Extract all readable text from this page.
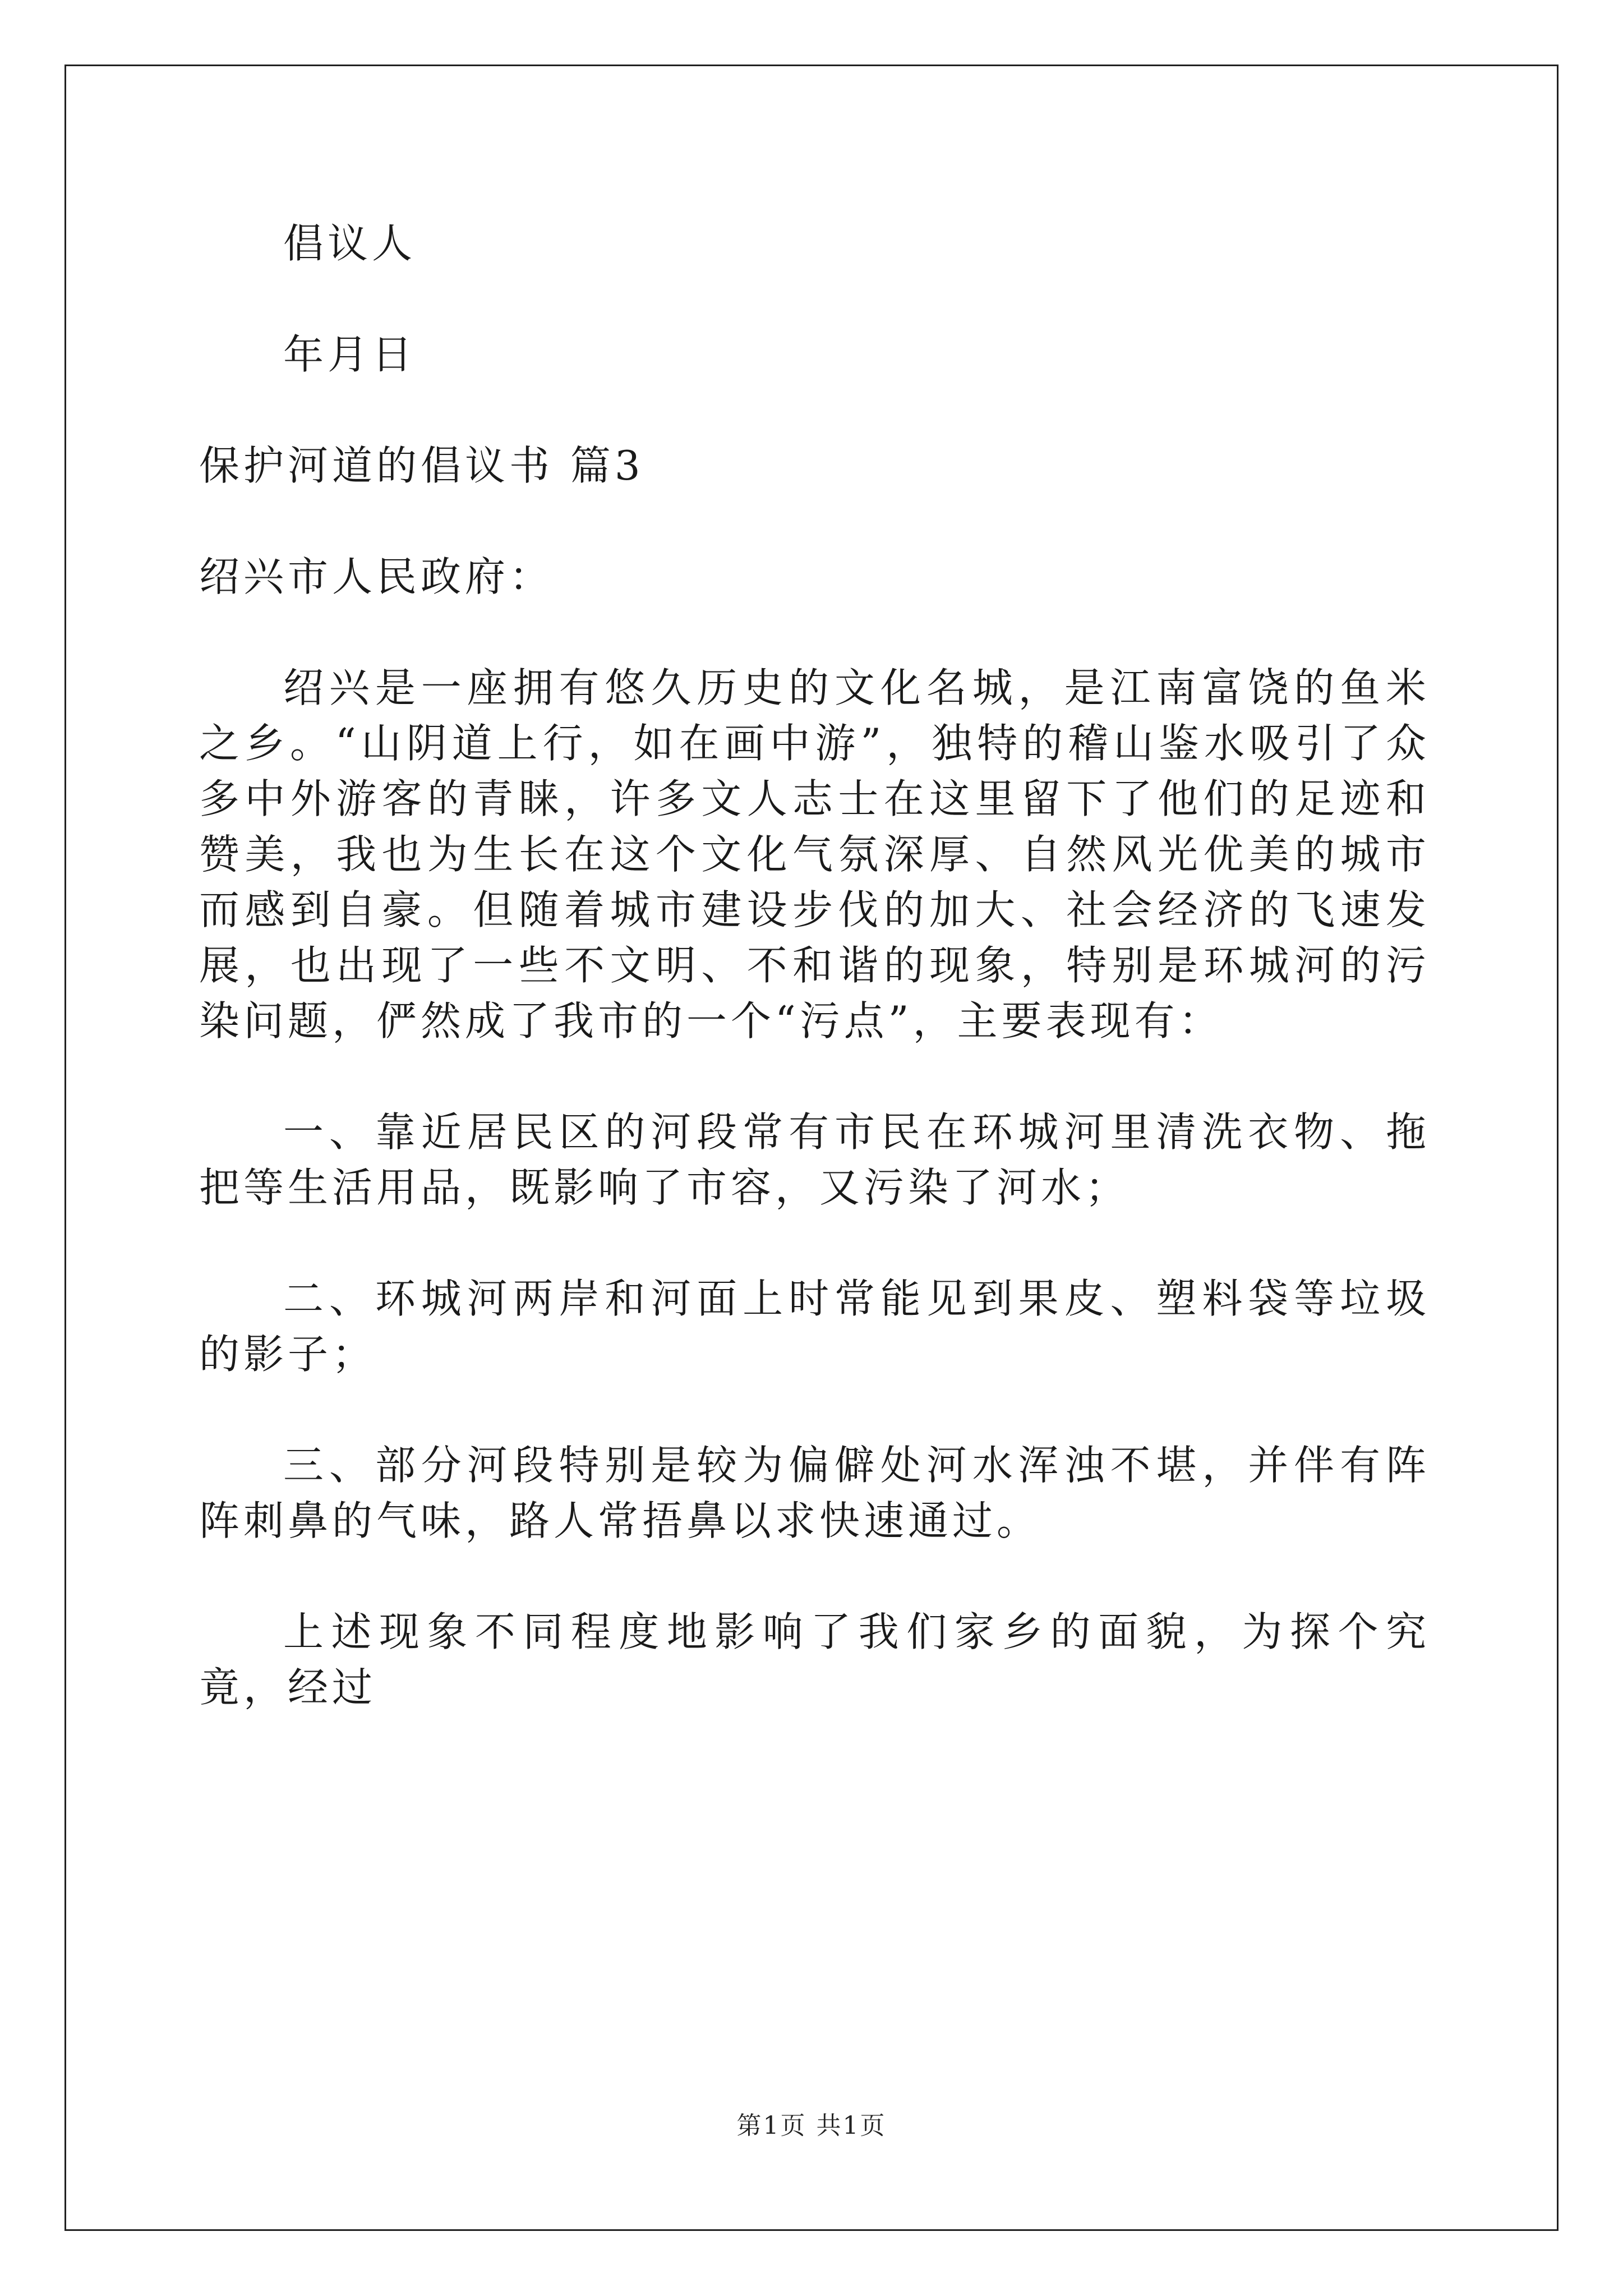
倡议人

年月日

保护河道的倡议书 篇3

绍兴市人民政府：

绍兴是一座拥有悠久历史的文化名城，是江南富饶的鱼米之乡。“山阴道上行，如在画中游”，独特的稽山鉴水吸引了众多中外游客的青睐，许多文人志士在这里留下了他们的足迹和赞美，我也为生长在这个文化气氛深厚、自然风光优美的城市而感到自豪。但随着城市建设步伐的加大、社会经济的飞速发展，也出现了一些不文明、不和谐的现象，特别是环城河的污染问题，俨然成了我市的一个“污点”，主要表现有：

一、靠近居民区的河段常有市民在环城河里清洗衣物、拖把等生活用品，既影响了市容，又污染了河水；

二、环城河两岸和河面上时常能见到果皮、塑料袋等垃圾的影子；

三、部分河段特别是较为偏僻处河水浑浊不堪，并伴有阵阵刺鼻的气味，路人常捂鼻以求快速通过。

上述现象不同程度地影响了我们家乡的面貌，为探个究竟，经过

第1页 共1页
